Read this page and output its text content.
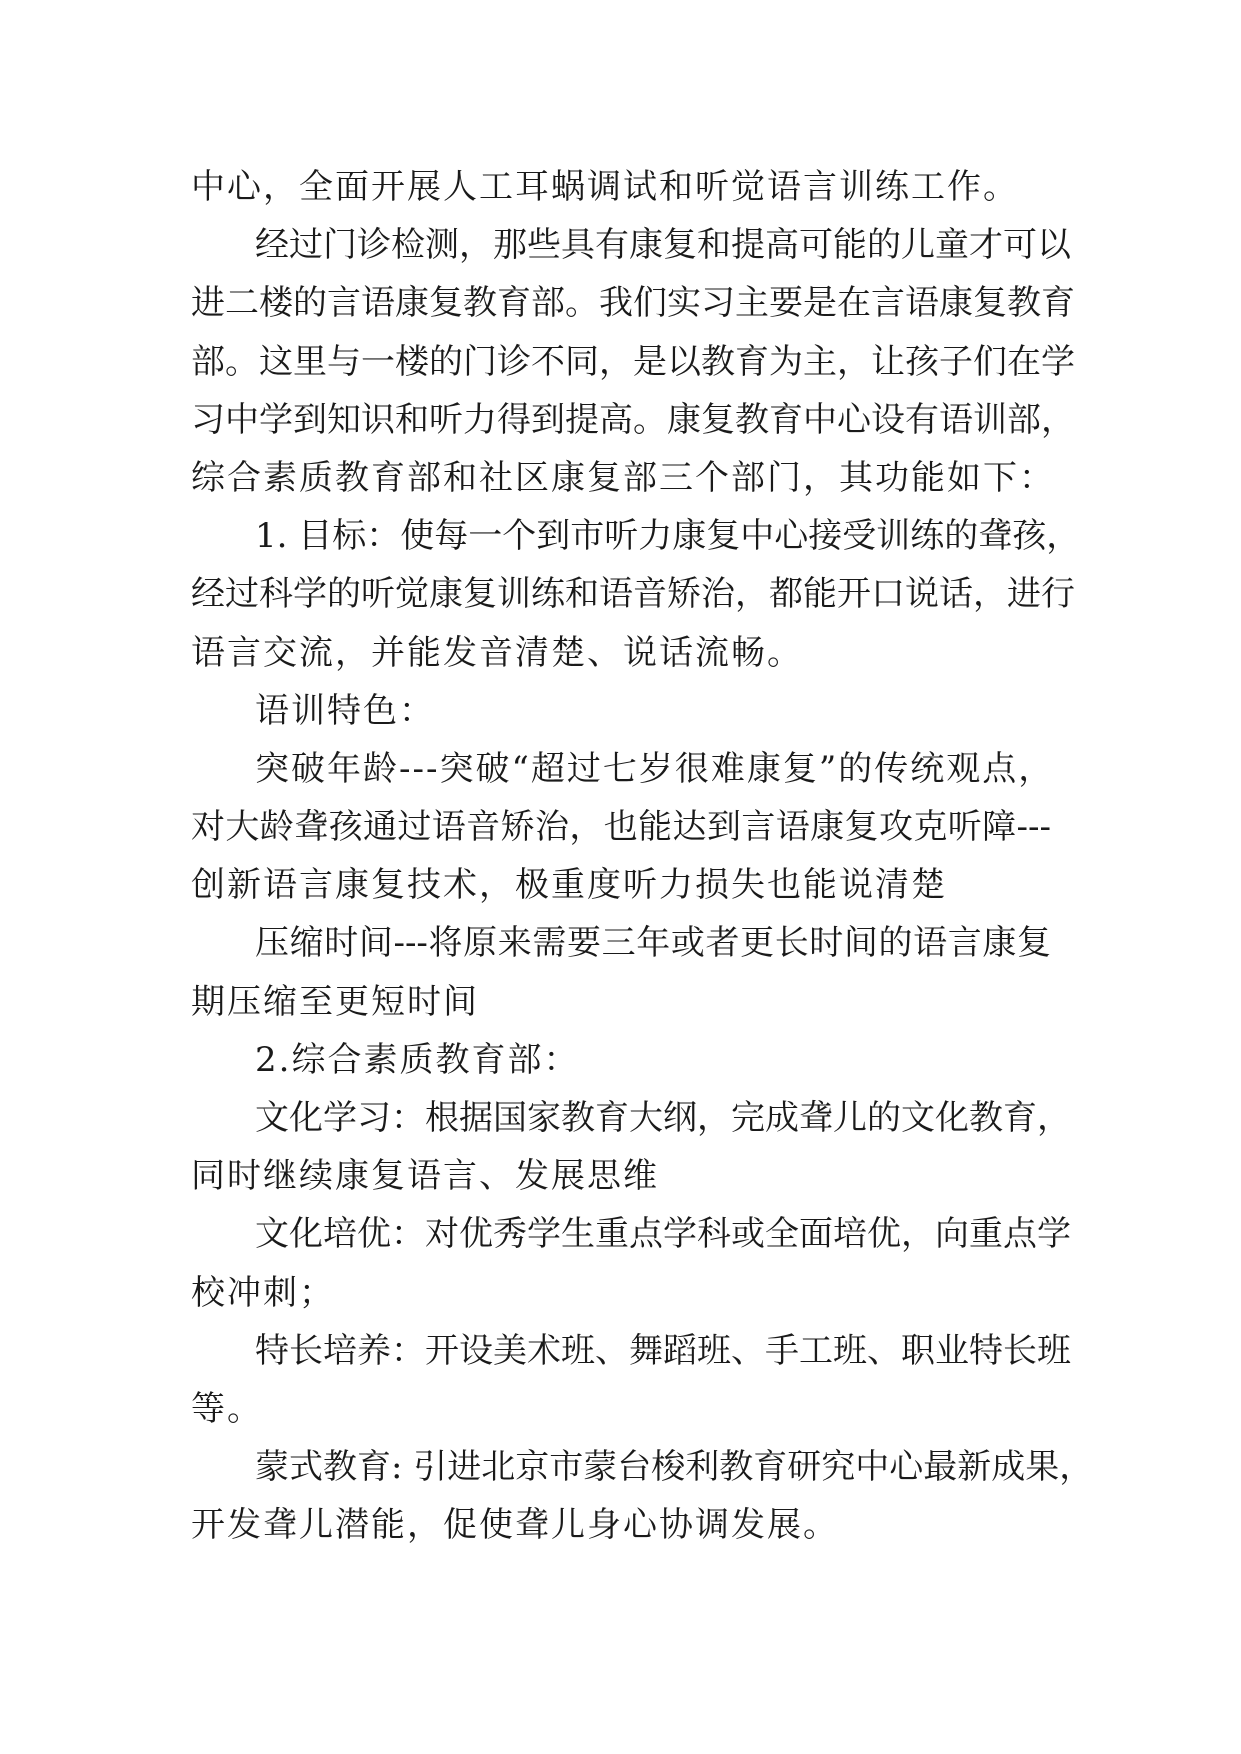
中心，全面开展人工耳蜗调试和听觉语言训练工作。
经过门诊检测，那些具有康复和提高可能的儿童才可以
进二楼的言语康复教育部。我们实习主要是在言语康复教育
部。这里与一楼的门诊不同，是以教育为主，让孩子们在学
习中学到知识和听力得到提高。康复教育中心设有语训部，
综合素质教育部和社区康复部三个部门，其功能如下：
1. 目标：使每一个到市听力康复中心接受训练的聋孩，
经过科学的听觉康复训练和语音矫治，都能开口说话，进行
语言交流，并能发音清楚、说话流畅。
语训特色：
突破年龄---突破“超过七岁很难康复”的传统观点，
对大龄聋孩通过语音矫治，也能达到言语康复攻克听障---
创新语言康复技术，极重度听力损失也能说清楚
压缩时间---将原来需要三年或者更长时间的语言康复
期压缩至更短时间
2.综合素质教育部：
文化学习：根据国家教育大纲，完成聋儿的文化教育，
同时继续康复语言、发展思维
文化培优：对优秀学生重点学科或全面培优，向重点学
校冲刺；
特长培养：开设美术班、舞蹈班、手工班、职业特长班
等。
蒙式教育: 引进北京市蒙台梭利教育研究中心最新成果，
开发聋儿潜能，促使聋儿身心协调发展。
